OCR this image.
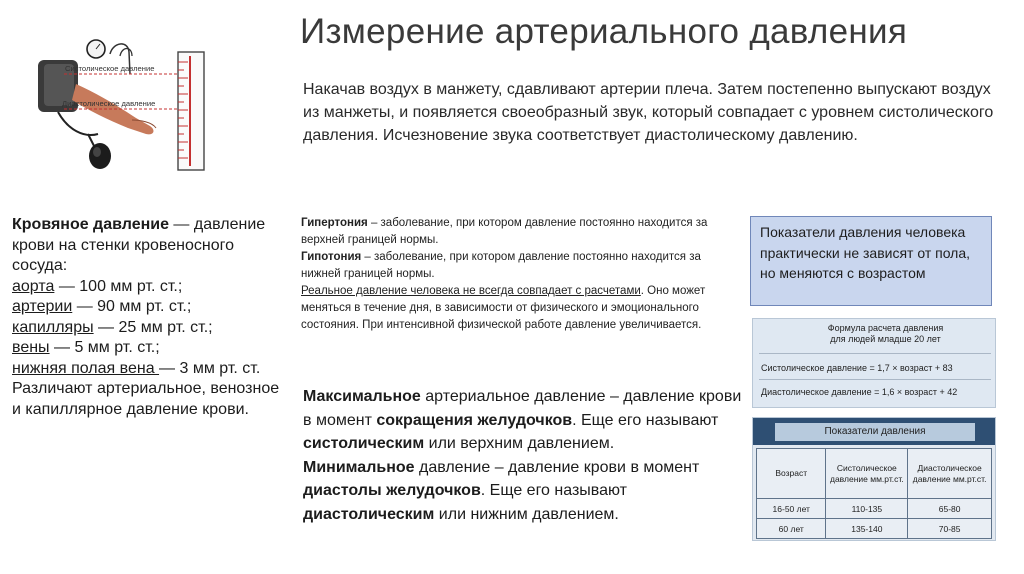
Измерение артериального давления
Систолическое давление
Диастолическое давление
Накачав воздух в манжету, сдавливают артерии плеча. Затем постепенно выпускают воздух из манжеты, и появляется своеобразный звук, который совпадает с уровнем систолического давления. Исчезновение звука соответствует диастолическому давлению.
Кровяное давление — давление крови на стенки кровеносного сосуда:
аорта — 100 мм рт. ст.;
артерии — 90 мм рт. ст.;
капилляры — 25 мм рт. ст.;
вены — 5 мм рт. ст.;
нижняя полая вена — 3 мм рт. ст.
Различают артериальное, венозное и капиллярное давление крови.
Гипертония – заболевание, при котором давление постоянно находится за верхней границей нормы.
Гипотония – заболевание, при котором давление постоянно находится за нижней границей нормы.
Реальное давление человека не всегда совпадает с расчетами. Оно может меняться в течение дня, в зависимости от физического и эмоционального состояния. При интенсивной физической работе давление увеличивается.
Максимальное артериальное давление – давление крови в момент сокращения желудочков. Еще его называют систолическим или верхним давлением.
Минимальное давление – давление крови в момент диастолы желудочков. Еще его называют диастолическим или нижним давлением.
Показатели давления человека практически не зависят от пола, но меняются с возрастом
Формула расчета давления
для людей младше 20 лет
Систолическое давление = 1,7 × возраст + 83
Диастолическое давление = 1,6 × возраст + 42
Показатели давления
Возраст	Систолическое давление мм.рт.ст.	Диастолическое давление мм.рт.ст.
16-50 лет	110-135	65-80
60 лет	135-140	70-85
